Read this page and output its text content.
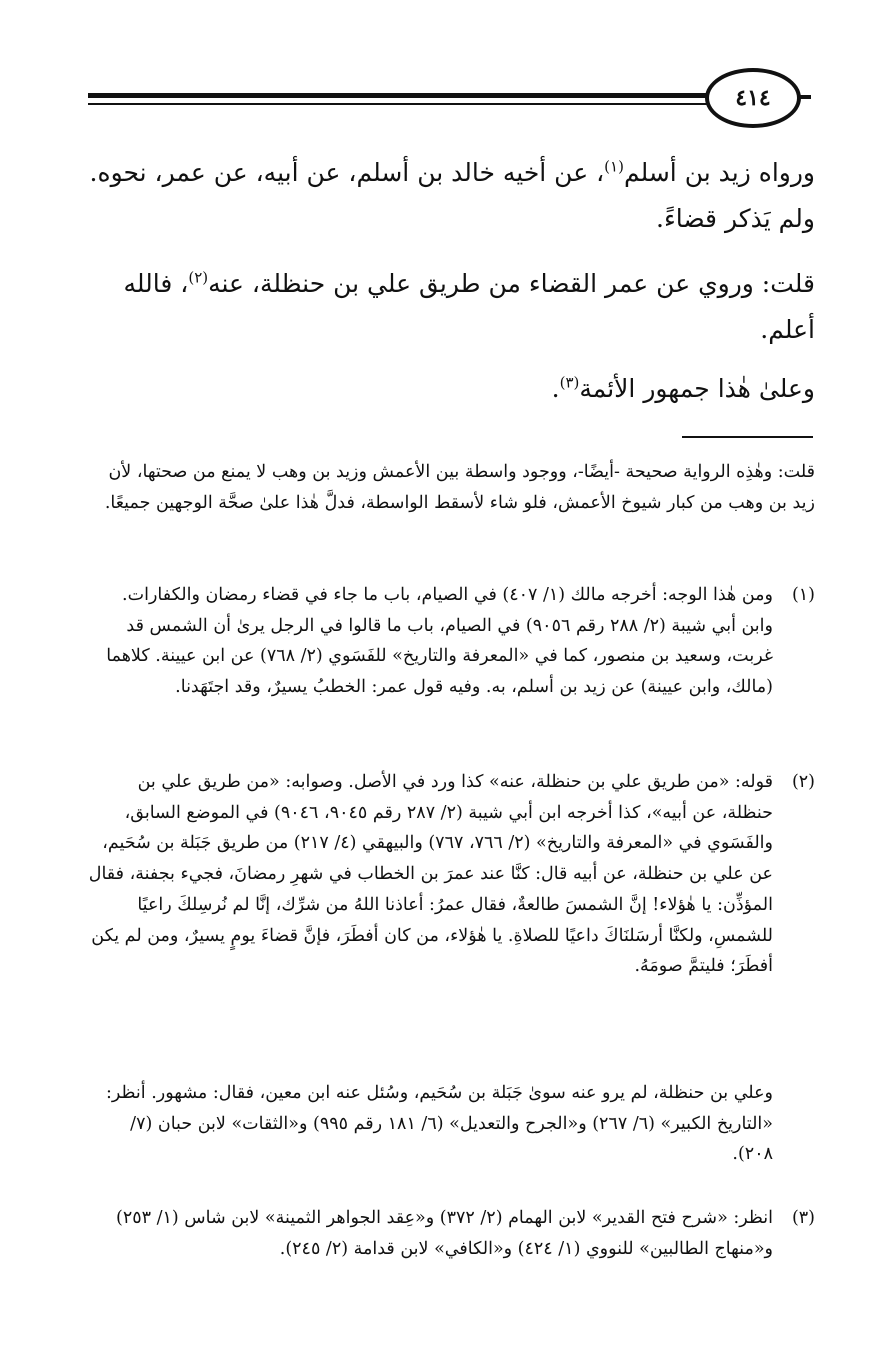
٤١٤

ورواه زيد بن أسلم$^{(١)}$، عن أخيه خالد بن أسلم، عن أبيه، عن عمر، نحوه. ولم يَذكر قضاءً.

قلت: وروي عن عمر القضاء من طريق علي بن حنظلة، عنه$^{(٢)}$، فالله أعلم.

وعلىٰ هٰذا جمهور الأئمة$^{(٣)}$.

قلت: وهٰذِه الرواية صحيحة -أيضًا-، ووجود واسطة بين الأعمش وزيد بن وهب لا يمنع من صحتها، لأن زيد بن وهب من كبار شيوخ الأعمش، فلو شاء لأسقط الواسطة، فدلَّ هٰذا علىٰ صحَّة الوجهين جميعًا.

(١)

ومن هٰذا الوجه: أخرجه مالك (١/ ٤٠٧) في الصيام، باب ما جاء في قضاء رمضان والكفارات. وابن أبي شيبة (٢/ ٢٨٨ رقم ٩٠٥٦) في الصيام، باب ما قالوا في الرجل يرىٰ أن الشمس قد غربت، وسعيد بن منصور، كما في «المعرفة والتاريخ» للفَسَوي (٢/ ٧٦٨) عن ابن عيينة. كلاهما (مالك، وابن عيينة) عن زيد بن أسلم، به. وفيه قول عمر: الخطبُ يسيرٌ، وقد اجتَهَدنا.

(٢)

قوله: «من طريق علي بن حنظلة، عنه» كذا ورد في الأصل. وصوابه: «من طريق علي بن حنظلة، عن أبيه»، كذا أخرجه ابن أبي شيبة (٢/ ٢٨٧ رقم ٩٠٤٥، ٩٠٤٦) في الموضع السابق، والفَسَوي في «المعرفة والتاريخ» (٢/ ٧٦٦، ٧٦٧) والبيهقي (٤/ ٢١٧) من طريق جَبَلة بن سُحَيم، عن علي بن حنظلة، عن أبيه قال: كنَّا عند عمرَ بن الخطاب في شهرِ رمضانَ، فجيء بجفنة، فقال المؤذِّن: يا هٰؤلاء! إنَّ الشمسَ طالعةٌ، فقال عمرُ: أعاذنا اللهُ من شرِّك، إنَّا لم نُرسِلكَ راعيًا للشمسِ، ولكنَّا أرسَلنَاكَ داعيًا للصلاةِ. يا هٰؤلاء، من كان أفطَرَ، فإنَّ قضاءَ يومٍ يسيرٌ، ومن لم يكن أفطَرَ؛ فليتمَّ صومَهُ.

وعلي بن حنظلة، لم يرو عنه سوىٰ جَبَلة بن سُحَيم، وسُئل عنه ابن معين، فقال: مشهور. أنظر: «التاريخ الكبير» (٦/ ٢٦٧) و«الجرح والتعديل» (٦/ ١٨١ رقم ٩٩٥) و«الثقات» لابن حبان (٧/ ٢٠٨).

(٣)

انظر: «شرح فتح القدير» لابن الهمام (٢/ ٣٧٢) و«عِقد الجواهر الثمينة» لابن شاس (١/ ٢٥٣) و«منهاج الطالبين» للنووي (١/ ٤٢٤) و«الكافي» لابن قدامة (٢/ ٢٤٥).
